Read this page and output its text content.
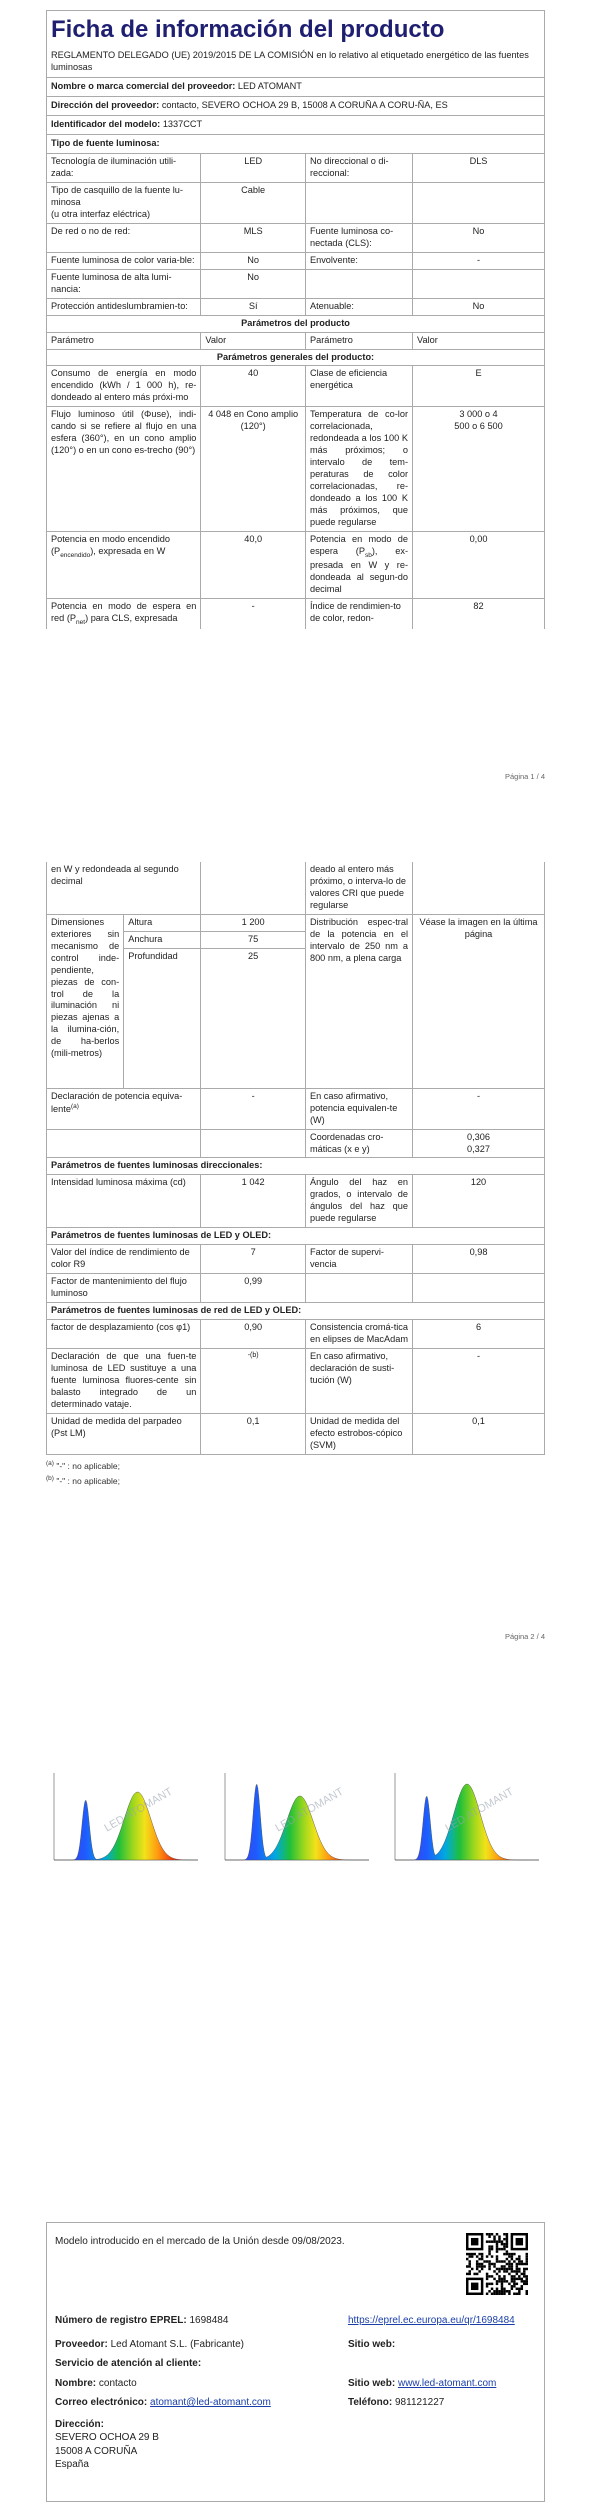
Ficha de información del producto
REGLAMENTO DELEGADO (UE) 2019/2015 DE LA COMISIÓN en lo relativo al etiquetado energético de las fuentes luminosas
Nombre o marca comercial del proveedor: LED ATOMANT
Dirección del proveedor: contacto, SEVERO OCHOA 29 B, 15008 A CORUÑA A CORU-ÑA, ES
Identificador del modelo: 1337CCT
Tipo de fuente luminosa:
Tecnología de iluminación utili-zada:	LED	No direccional o di-reccional:	DLS

Tipo de casquillo de la fuente lu-minosa
(u otra interfaz eléctrica)	Cable		
De red o no de red:	MLS	Fuente luminosa co-nectada (CLS):	No
Fuente luminosa de color varia-ble:	No	Envolvente:	-
Fuente luminosa de alta lumi-nancia:	No		
Protección antideslumbramien-to:	Sí	Atenuable:	No
Parámetros del producto			
Parámetro	Valor	Parámetro	Valor
Parámetros generales del producto:			
Consumo de energía en modo encendido (kWh / 1 000 h), re-dondeado al entero más próxi-mo	40	Clase de eficiencia energética	E
Flujo luminoso útil (Φuse), indi-cando si se refiere al flujo en una esfera (360°), en un cono amplio (120°) o en un cono es-trecho (90°)	4 048 en Cono amplio (120°)	Temperatura de co-lor correlacionada, redondeada a los 100 K más próximos; o intervalo de tem-peraturas de color correlacionadas, re-dondeado a los 100 K más próximos, que puede regularse	3 000 o 4
500 o 6 500

Potencia en modo encendido $(P_{encendido})$, expresada en W	40,0	Potencia en modo de espera $(P_{sb})$, ex-presada en W y re-dondeada al segun-do decimal	0,00
Potencia en modo de espera en red $(P_{net})$ para CLS, expresada	-	Índice de rendimien-to de color, redon-	82
Página 1 / 4
en W y redondeada al segundo decimal			deado al entero más próximo, o interva-lo de valores CRI que puede regularse	
Dimensiones exteriores sin mecanismo de control inde-pendiente, piezas de con-trol de la iluminación ni piezas ajenas a la ilumina-ción, de ha-berlos (mili-metros)	Altura	1 200	Distribución espec-tral de la potencia en el intervalo de 250 nm a 800 nm, a plena carga	Véase la imagen en la última página
	Anchura	75		
	Profundidad	25		
Declaración de potencia equiva-lente$^{(a)}$		-	En caso afirmativo, potencia equivalen-te (W)	-
			Coordenadas cro-máticas (x e y)	0,306
0,327

Parámetros de fuentes luminosas direccionales:				
Intensidad luminosa máxima (cd)		1 042	Ángulo del haz en grados, o intervalo de ángulos del haz que puede regularse	120
Parámetros de fuentes luminosas de LED y OLED:				
Valor del índice de rendimiento de color R9		7	Factor de supervi-vencia	0,98
Factor de mantenimiento del flujo luminoso		0,99		
Parámetros de fuentes luminosas de red de LED y OLED:				
factor de desplazamiento (cos φ1)		0,90	Consistencia cromá-tica en elipses de MacAdam	6
Declaración de que una fuen-te luminosa de LED sustituye a una fuente luminosa fluores-cente sin balasto integrado de un determinado vataje.		-(b)	En caso afirmativo, declaración de susti-tución (W)	-
Unidad de medida del parpadeo (Pst LM)		0,1	Unidad de medida del efecto estrobos-cópico (SVM)	0,1
$^{(a)}$ "-" : no aplicable;
$^{(b)}$ "-" : no aplicable;
Página 2 / 4
LED ATOMANT	LED ATOMANT	LED ATOMANT
Modelo introducido en el mercado de la Unión desde 09/08/2023.
Número de registro EPREL: 1698484	https://eprel.ec.europa.eu/qr/1698484
Proveedor: Led Atomant S.L. (Fabricante)	Sitio web:
Servicio de atención al cliente:
Nombre: contacto	Sitio web: www.led-atomant.com
Correo electrónico: atomant@led-atomant.com	Teléfono: 981121227
Dirección:
SEVERO OCHOA 29 B
15008 A CORUÑA
España
